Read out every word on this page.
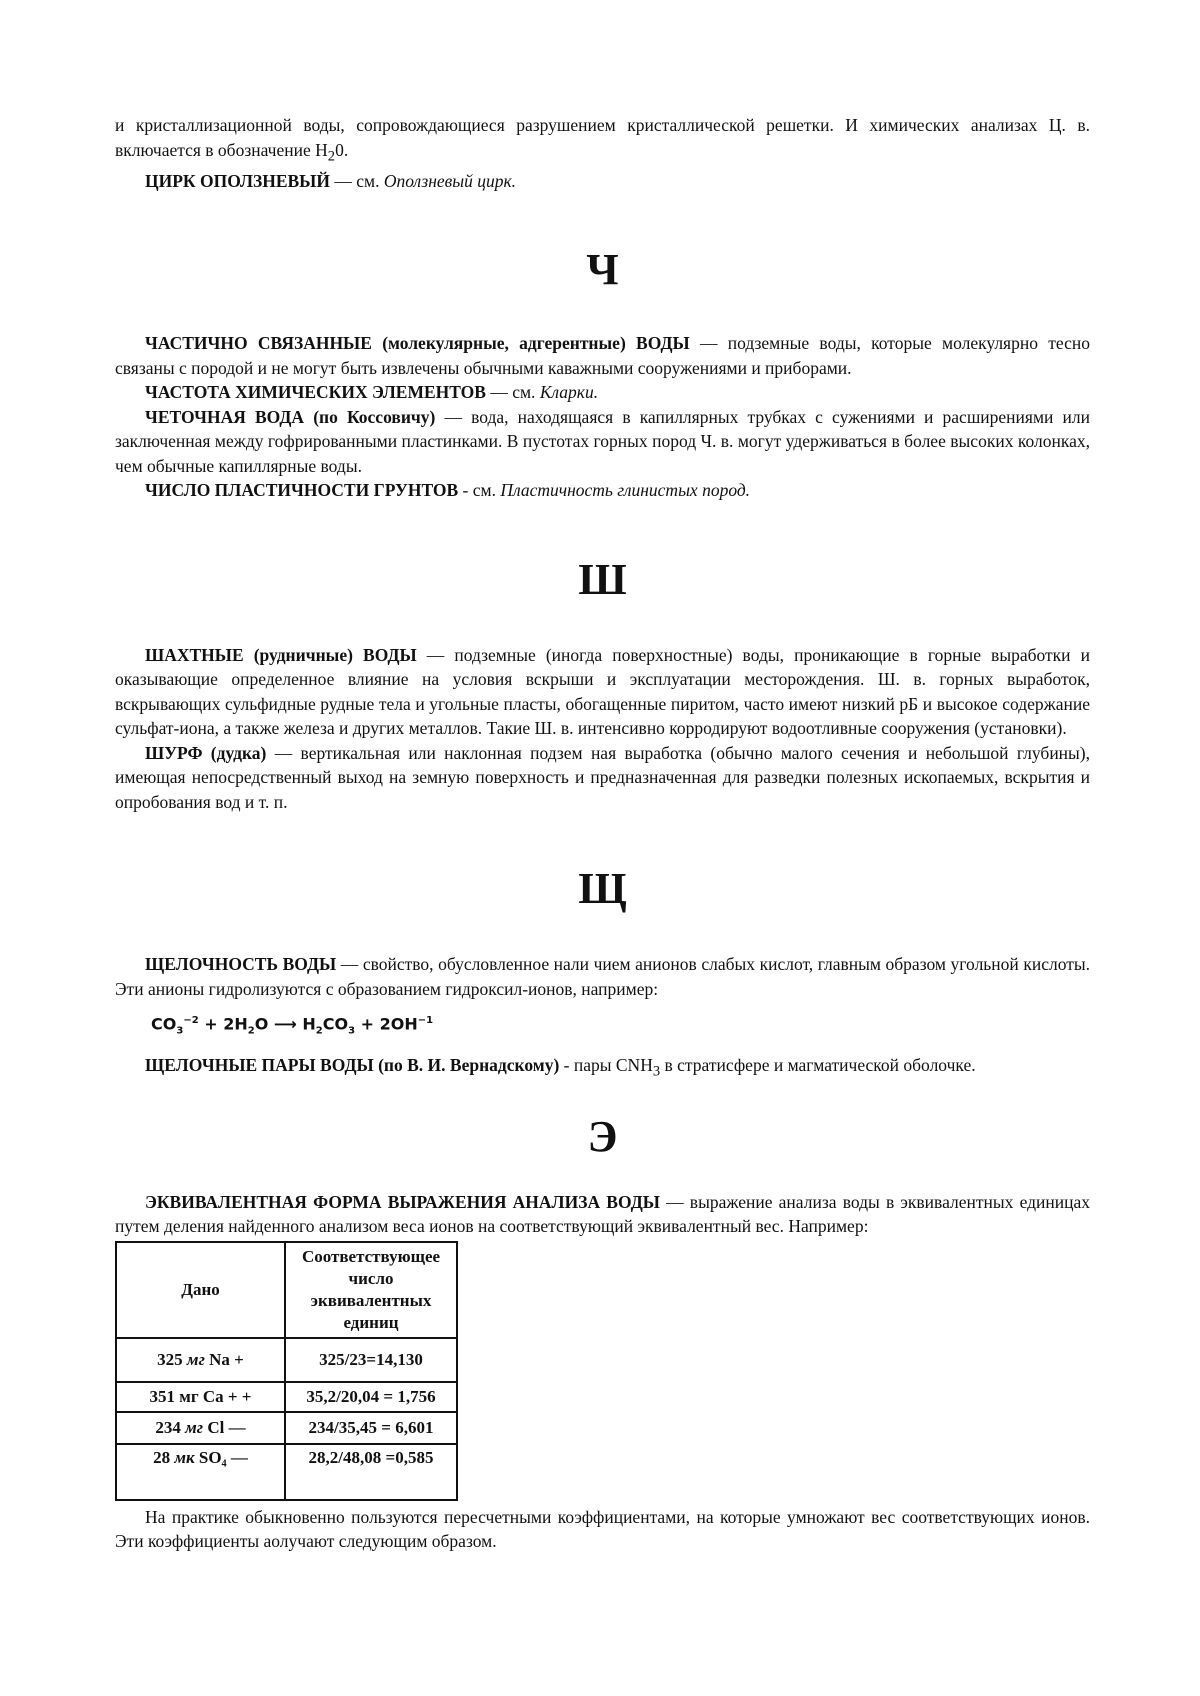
и кристаллизационной воды, сопровождающиеся разрушением кристаллической решетки. И химических анализах Ц. в. включается в обозначение $Н_20$.

ЦИРК ОПОЛЗНЕВЫЙ — см. Оползневый цирк.

Ч

ЧАСТИЧНО СВЯЗАННЫЕ (молекулярные, адгерентные) ВОДЫ — подземные воды, которые молекулярно тесно связаны с породой и не могут быть извлечены обычными каважными сооружениями и приборами.

ЧАСТОТА ХИМИЧЕСКИХ ЭЛЕМЕНТОВ — см. Кларки.

ЧЕТОЧНАЯ ВОДА (по Коссовичу) — вода, находящаяся в капиллярных трубках с сужениями и расширениями или заключенная между гофрированными пластинками. В пустотах горных пород Ч. в. могут удерживаться в более высоких колонках, чем обычные капиллярные воды.

ЧИСЛО ПЛАСТИЧНОСТИ ГРУНТОВ - см. Пластичность глинистых пород.

Ш

ШАХТНЫЕ (рудничные) ВОДЫ — подземные (иногда поверхностные) воды, проникающие в горные выработки и оказывающие определенное влияние на условия вскрыши и эксплуатации месторождения. Ш. в. горных выработок, вскрывающих сульфидные рудные тела и угольные пласты, обогащенные пиритом, часто имеют низкий рБ и высокое содержание сульфат-иона, а также железа и других металлов. Такие Ш. в. интенсивно корродируют водоотливные сооружения (установки).

ШУРФ (дудка) — вертикальная или наклонная подзем ная выработка (обычно малого сечения и небольшой глубины), имеющая непосредственный выход на земную поверхность и предназначенная для разведки полезных ископаемых, вскрытия и опробования вод и т. п.

Щ

ЩЕЛОЧНОСТЬ ВОДЫ — свойство, обусловленное нали чием анионов слабых кислот, главным образом угольной кислоты. Эти анионы гидролизуются с образованием гидроксил-ионов, например:

$CO_3^{-2} + 2H_2O$ ⟶ $H_2CO_3 + 2OH^{-1}$

ЩЕЛОЧНЫЕ ПАРЫ ВОДЫ (по В. И. Вернадскому) - пары $CNH_3$ в стратисфере и магматической оболочке.

Э

ЭКВИВАЛЕНТНАЯ ФОРМА ВЫРАЖЕНИЯ АНАЛИЗА ВОДЫ — выражение анализа воды в эквивалентных единицах путем деления найденного анализом веса ионов на соответствующий эквивалентный вес. Например:

Дано	Соответствующее число эквивалентных единиц
325 мг Na +	325/23=14,130
351 мг Са + +	35,2/20,04 = 1,756
234 мг Cl —	234/35,45 = 6,601
28 мк SO₄ —	28,2/48,08 =0,585

На практике обыкновенно пользуются пересчетными коэффициентами, на которые умножают вес соответствующих ионов. Эти коэффициенты аолучают следующим образом.
